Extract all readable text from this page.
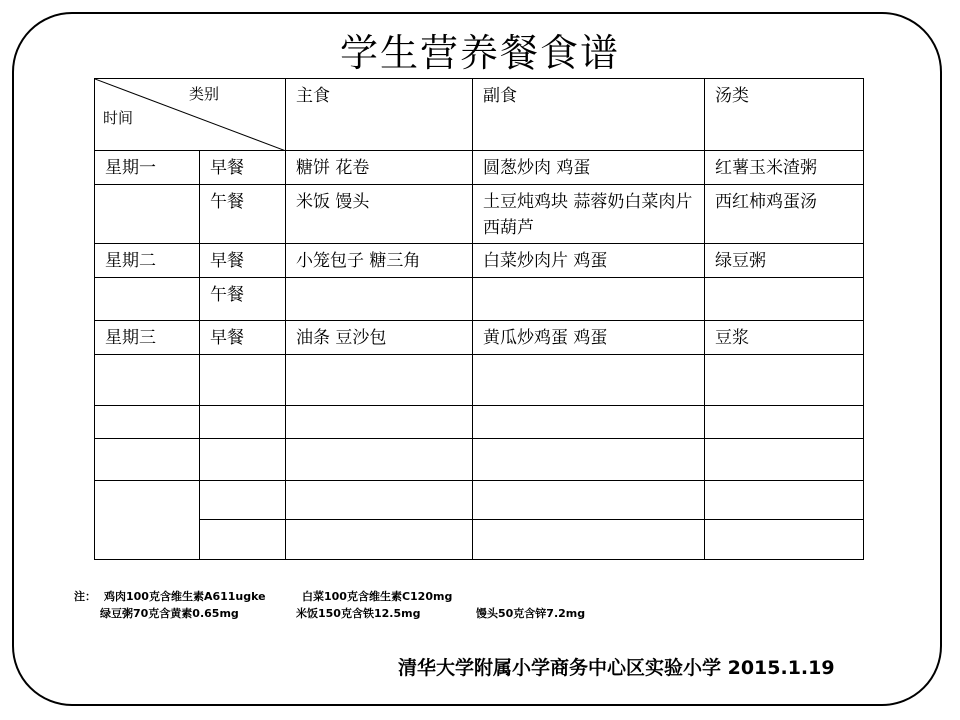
学生营养餐食谱
类别
时间		主食	副食	汤类
星期一	早餐	糖饼 花卷	圆葱炒肉 鸡蛋	红薯玉米渣粥
	午餐	米饭 馒头	土豆炖鸡块 蒜蓉奶白菜肉片西葫芦	西红柿鸡蛋汤
星期二	早餐	小笼包子 糖三角	白菜炒肉片 鸡蛋	绿豆粥
	午餐			
星期三	早餐	油条 豆沙包	黄瓜炒鸡蛋 鸡蛋	豆浆

注： 鸡肉100克含维生素A611ugke	白菜100克含维生素C120mg
绿豆粥70克含黄素0.65mg	米饭150克含铁12.5mg	馒头50克含锌7.2mg
清华大学附属小学商务中心区实验小学 2015.1.19
